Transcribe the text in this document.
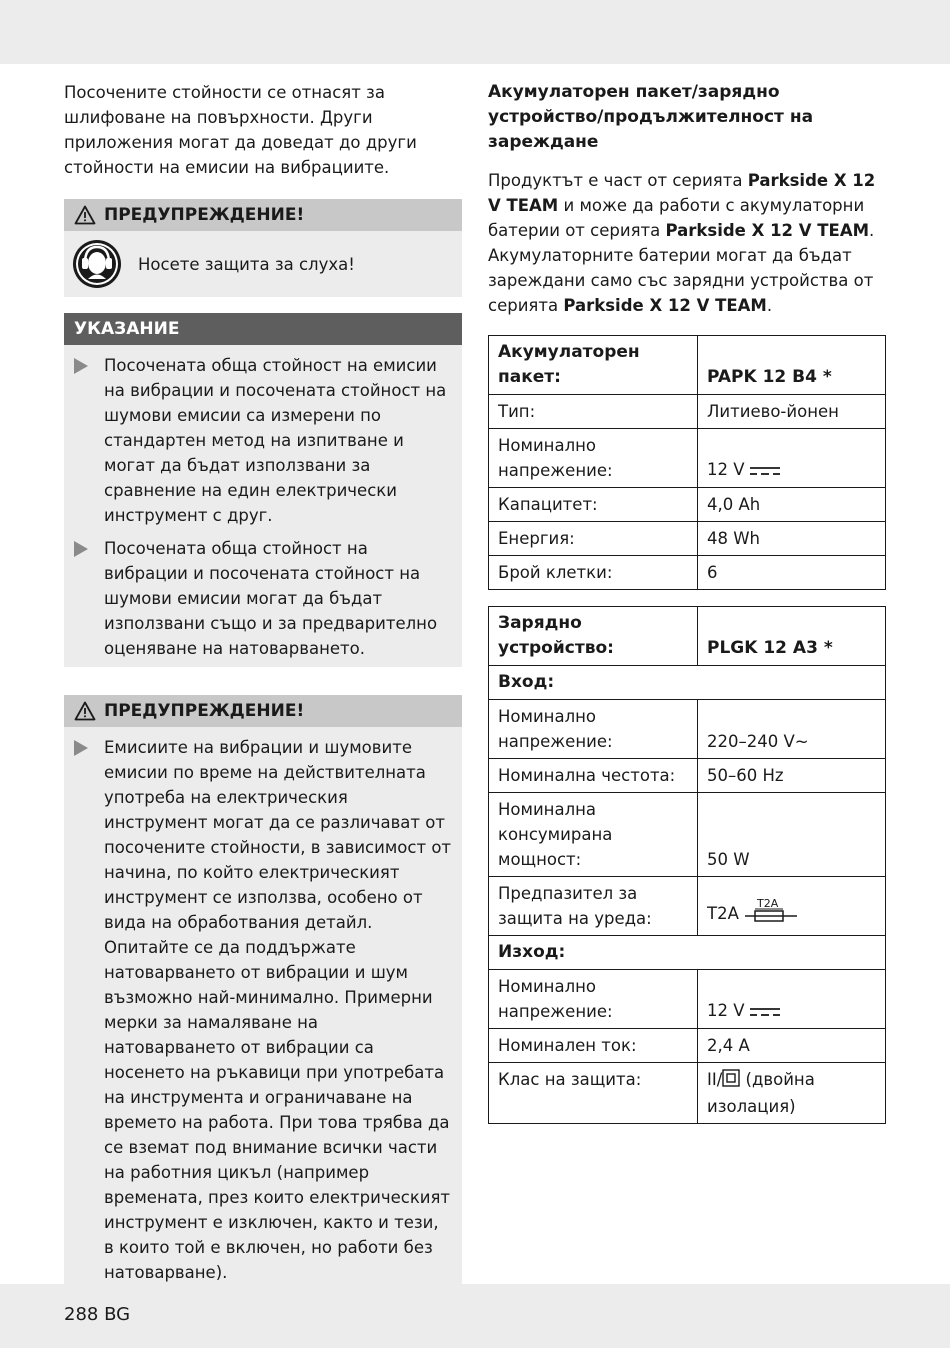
Посочените стойности се отнасят за шлифоване на повърхности. Други приложения могат да доведат до други стойности на емисии на вибрациите.

ПРЕДУПРЕЖДЕНИЕ!
Носете защита за слуха!
УКАЗАНИЕ
Посочената обща стойност на емисии на вибрации и посочената стойност на шумови емисии са измерени по стандартен метод на изпитване и могат да бъдат използвани за сравнение на един електрически инструмент с друг.
Посочената обща стойност на вибрации и посочената стойност на шумови емисии могат да бъдат използвани също и за предварително оценяване на натоварването.
ПРЕДУПРЕЖДЕНИЕ!
Емисиите на вибрации и шумовите емисии по време на действителната употреба на електрическия инструмент могат да се различават от посочените стойности, в зависимост от начина, по който електрическият инструмент се използва, особено от вида на обработвания детайл. Опитайте се да поддържате натоварването от вибрации и шум възможно най-минимално. Примерни мерки за намаляване на натоварването от вибрации са носенето на ръкавици при употребата на инструмента и ограничаване на времето на работа. При това трябва да се вземат под внимание всички части на работния цикъл (например времената, през които електрическият инструмент е изключен, както и тези, в които той е включен, но работи без натоварване).

Акумулаторен пакет/зарядно устройство/продължителност на зареждане

Продуктът е част от серията Parkside X 12 V TEAM и може да работи с акумулаторни батерии от серията Parkside X 12 V TEAM. Акумулаторните батерии могат да бъдат зареждани само със зарядни устройства от серията Parkside X 12 V TEAM.

Акумулаторен пакет:	PAPK 12 B4 *
Тип:	Литиево-йонен
Номинално напрежение:	12 V
Капацитет:	4,0 Ah
Енергия:	48 Wh
Брой клетки:	6
Зарядно устройство:	PLGK 12 A3 *
Вход:	
Номинално напрежение:	220–240 V~
Номинална честота:	50–60 Hz
Номинална консумирана мощност:	50 W
Предпазител за защита на уреда:	T2A
T2A

Изход:	
Номинално напрежение:	12 V
Номинален ток:	2,4 A
Клас на защита:	II/ (двойна изолация)
288 BG
